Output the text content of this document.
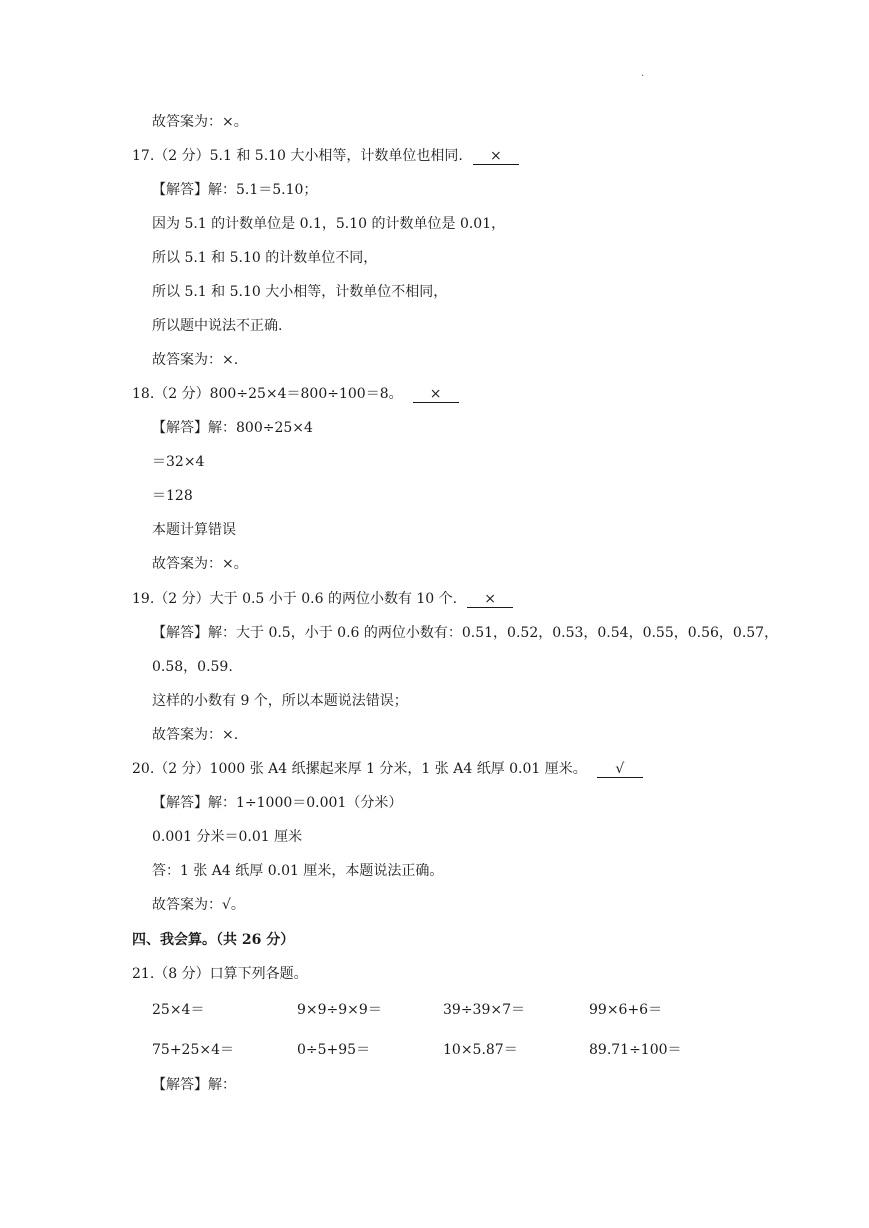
.
故答案为：×。
17.（2 分）5.1 和 5.10 大小相等，计数单位也相同. ×
【解答】解：5.1＝5.10；
因为 5.1 的计数单位是 0.1，5.10 的计数单位是 0.01，
所以 5.1 和 5.10 的计数单位不同，
所以 5.1 和 5.10 大小相等，计数单位不相同，
所以题中说法不正确.
故答案为：×.
18.（2 分）800÷25×4＝800÷100＝8。 ×
【解答】解：800÷25×4
＝32×4
＝128
本题计算错误
故答案为：×。
19.（2 分）大于 0.5 小于 0.6 的两位小数有 10 个. ×
【解答】解：大于 0.5，小于 0.6 的两位小数有：0.51，0.52，0.53，0.54，0.55，0.56，0.57，
0.58，0.59.
这样的小数有 9 个，所以本题说法错误；
故答案为：×.
20.（2 分）1000 张 A4 纸摞起来厚 1 分米，1 张 A4 纸厚 0.01 厘米。 √
【解答】解：1÷1000＝0.001（分米）
0.001 分米＝0.01 厘米
答：1 张 A4 纸厚 0.01 厘米，本题说法正确。
故答案为：√。
四、我会算。（共 26 分）
21.（8 分）口算下列各题。
25×4＝	9×9÷9×9＝	39÷39×7＝	99×6+6＝
75+25×4＝	0÷5+95＝	10×5.87＝	89.71÷100＝
【解答】解：
